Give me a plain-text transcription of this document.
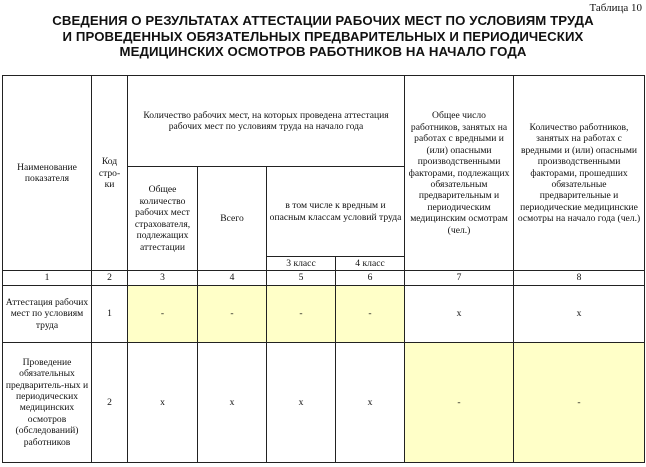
Таблица 10
СВЕДЕНИЯ О РЕЗУЛЬТАТАХ АТТЕСТАЦИИ РАБОЧИХ МЕСТ ПО УСЛОВИЯМ ТРУДА
И ПРОВЕДЕННЫХ ОБЯЗАТЕЛЬНЫХ ПРЕДВАРИТЕЛЬНЫХ И ПЕРИОДИЧЕСКИХ
МЕДИЦИНСКИХ ОСМОТРОВ РАБОТНИКОВ НА НАЧАЛО ГОДА
Наименование показателя	Код стро-ки	Количество рабочих мест, на которых проведена аттестация рабочих мест по условиям труда на начало года				Общее число работников, занятых на работах с вредными и (или) опасными производственными факторами, подлежащих обязательным предварительным и периодическим медицинским осмотрам (чел.)	Количество работников, занятых на работах с вредными и (или) опасными производственными факторами, прошедших обязательные предварительные и периодические медицинские осмотры на начало года (чел.)
		Общее количество рабочих мест страхователя, подлежащих аттестации	Всего	в том числе к вредным и опасным классам условий труда			
				3 класс	4 класс		
1	2	3	4	5	6	7	8
Аттестация рабочих мест по условиям труда	1	-	-	-	-	x	x
Проведение обязательных предваритель-ных и периодических медицинских осмотров (обследований) работников	2	x	x	x	x	-	-
